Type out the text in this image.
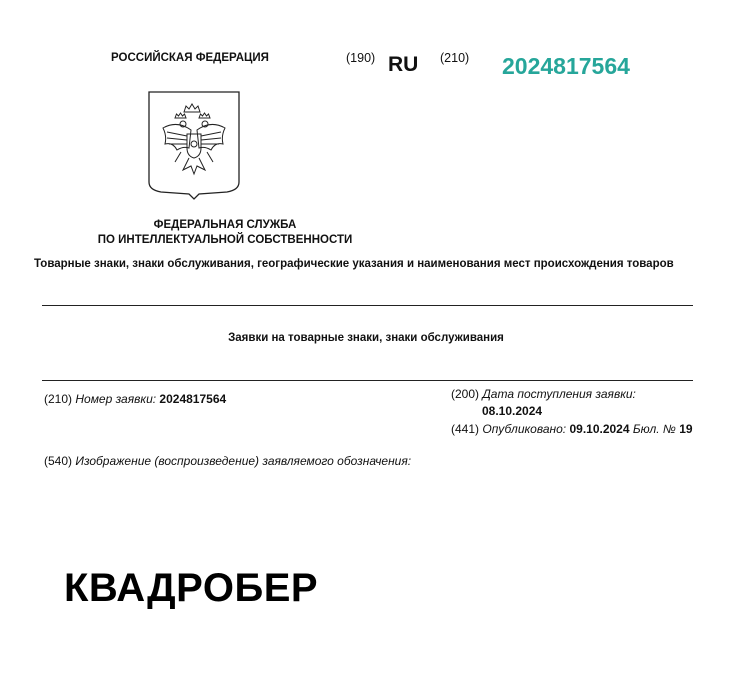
РОССИЙСКАЯ ФЕДЕРАЦИЯ	(190) RU (210) 2024817564
ФЕДЕРАЛЬНАЯ СЛУЖБА
ПО ИНТЕЛЛЕКТУАЛЬНОЙ СОБСТВЕННОСТИ
Товарные знаки, знаки обслуживания, географические указания и наименования мест происхождения товаров
Заявки на товарные знаки, знаки обслуживания
(210) Номер заявки: 2024817564	(200) Дата поступления заявки:
08.10.2024
(441) Опубликовано: 09.10.2024 Бюл. № 19
(540) Изображение (воспроизведение) заявляемого обозначения:
КВАДРОБЕР
